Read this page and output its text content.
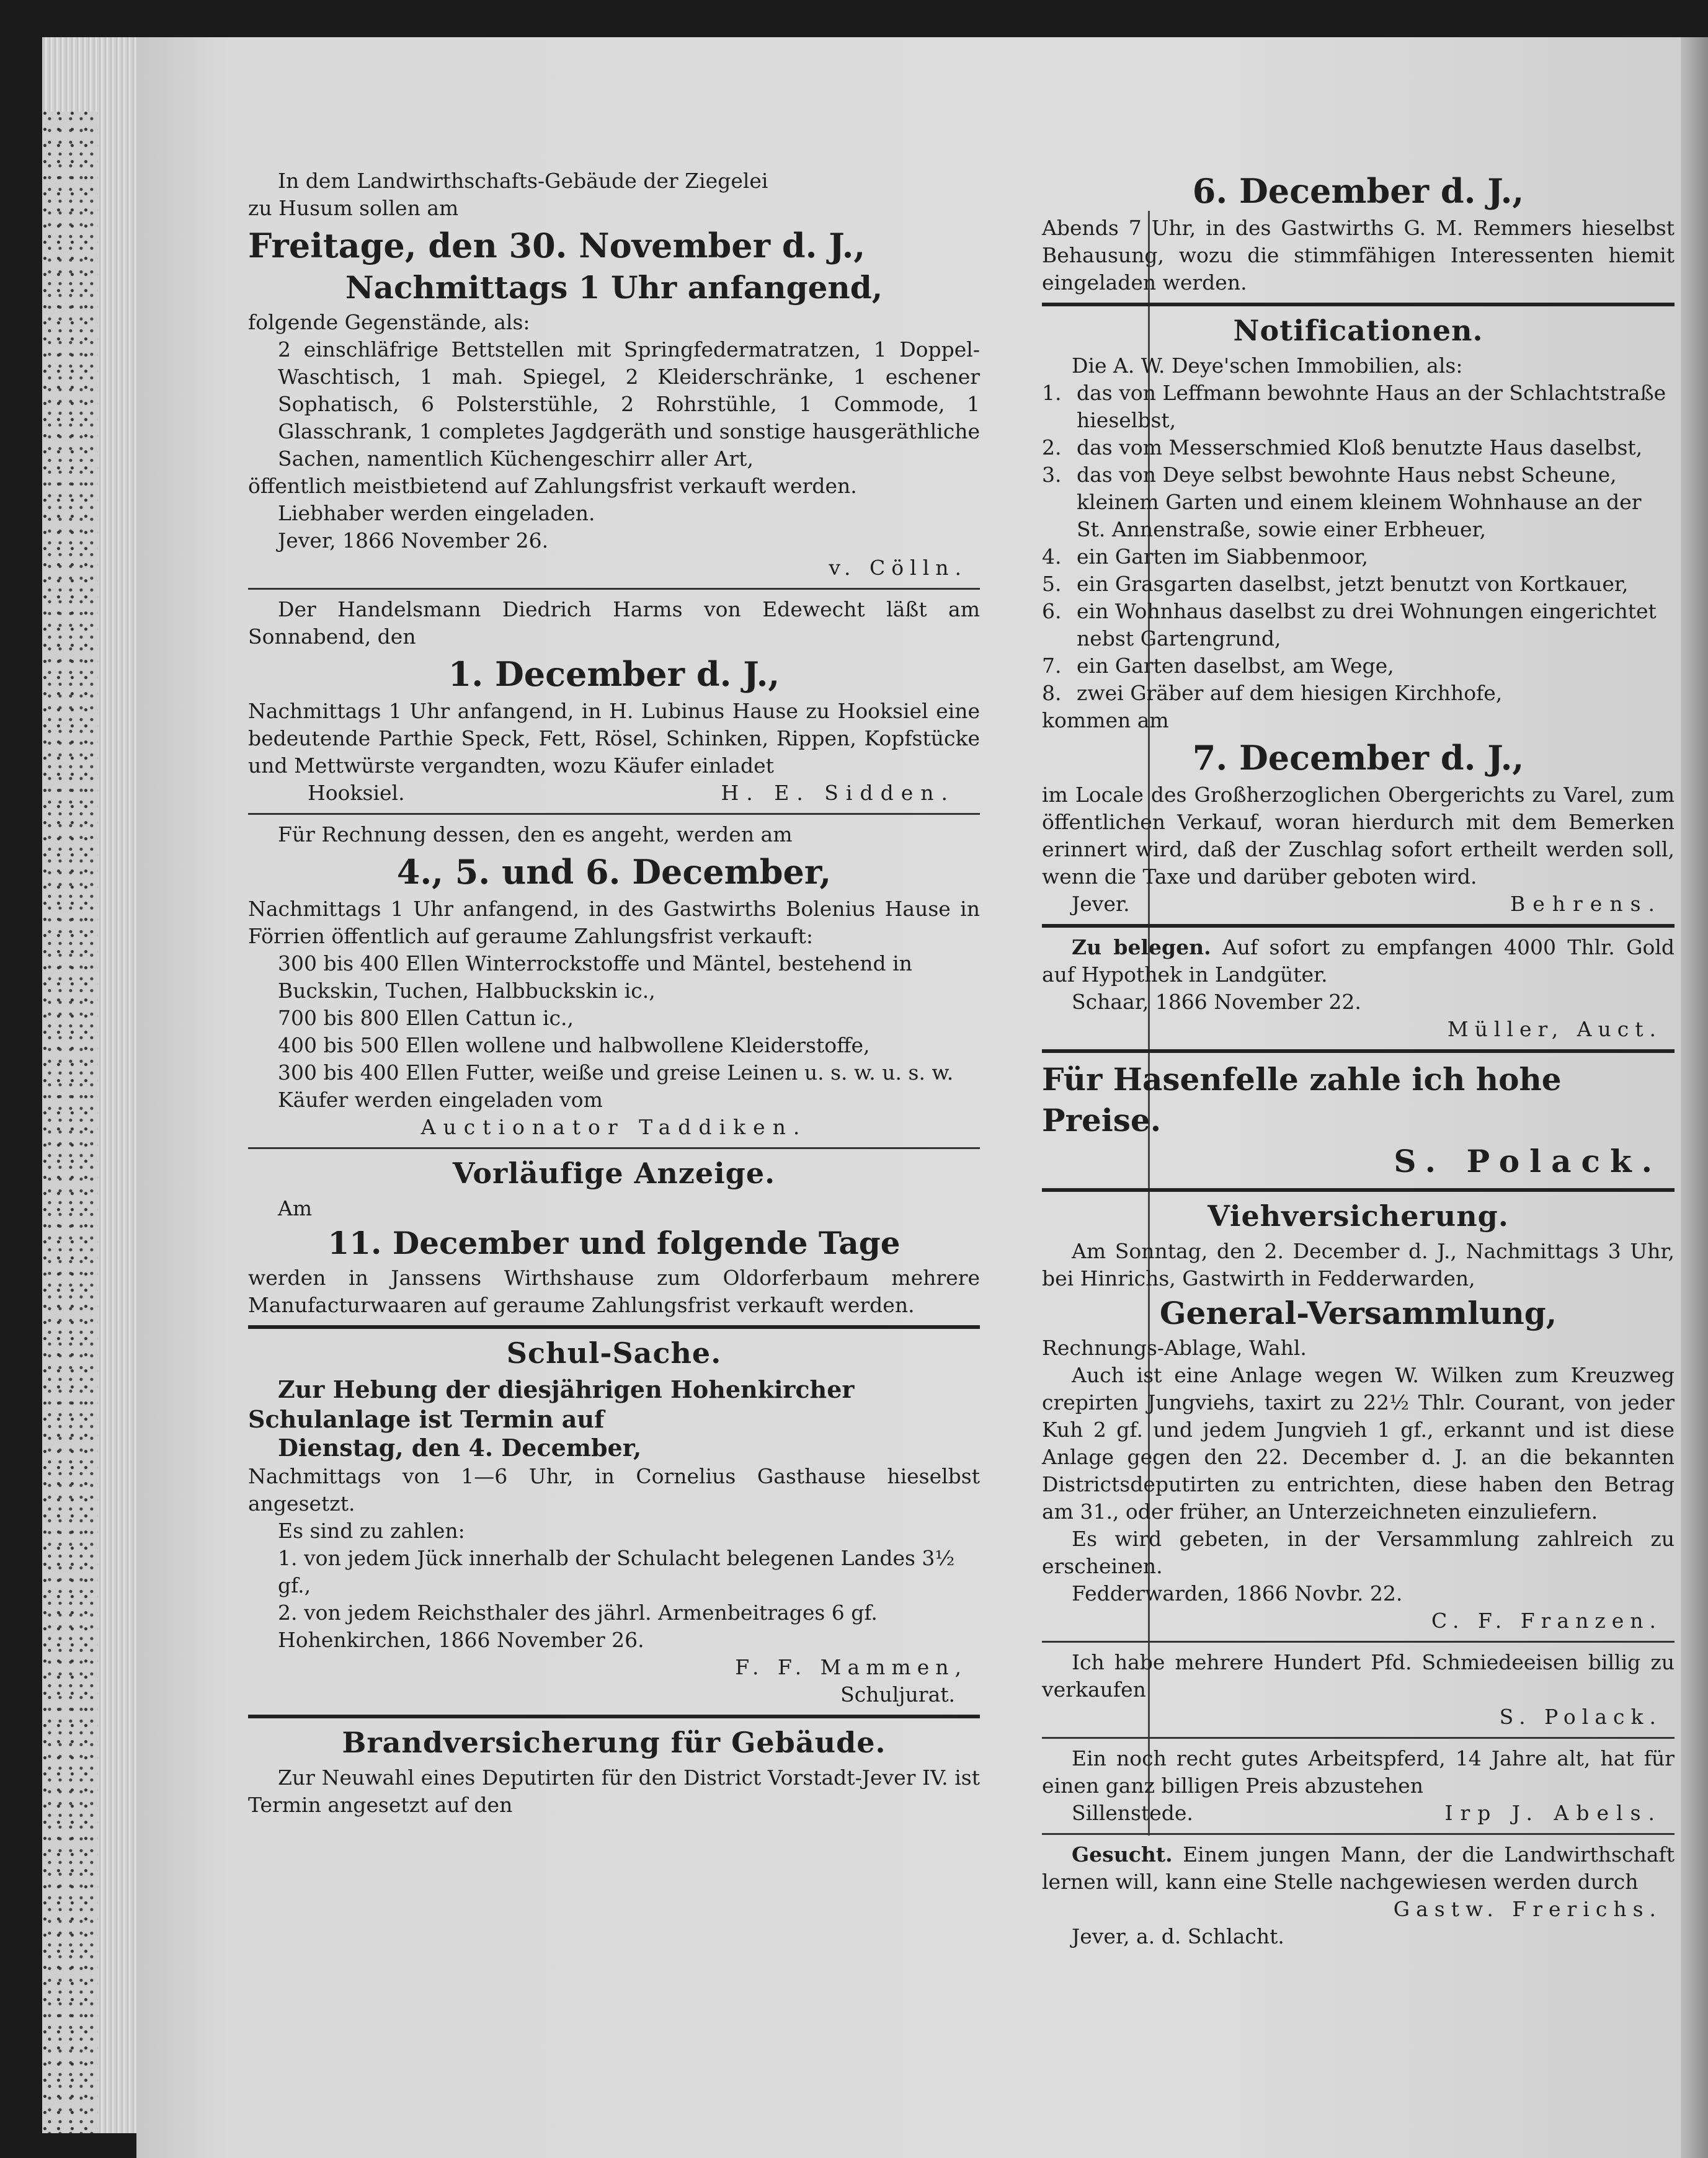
In dem Landwirthschafts-Gebäude der Ziegelei

zu Husum sollen am

Freitage, den 30. November d. J.,

Nachmittags 1 Uhr anfangend,

folgende Gegenstände, als:

2 einschläfrige Bettstellen mit Springfedermatratzen, 1 Doppel-Waschtisch, 1 mah. Spiegel, 2 Kleiderschränke, 1 eschener Sophatisch, 6 Polsterstühle, 2 Rohrstühle, 1 Commode, 1 Glasschrank, 1 completes Jagdgeräth und sonstige hausgeräthliche Sachen, namentlich Küchengeschirr aller Art,

öffentlich meistbietend auf Zahlungsfrist verkauft werden.

Liebhaber werden eingeladen.

Jever, 1866 November 26.

v. Cölln.

Der Handelsmann Diedrich Harms von Edewecht läßt am Sonnabend, den

1. December d. J.,

Nachmittags 1 Uhr anfangend, in H. Lubinus Hause zu Hooksiel eine bedeutende Parthie Speck, Fett, Rösel, Schinken, Rippen, Kopfstücke und Mettwürste vergandten, wozu Käufer einladet

Hooksiel.	H. E. Sidden.

Für Rechnung dessen, den es angeht, werden am

4., 5. und 6. December,

Nachmittags 1 Uhr anfangend, in des Gastwirths Bolenius Hause in Förrien öffentlich auf geraume Zahlungsfrist verkauft:

300 bis 400 Ellen Winterrockstoffe und Mäntel, bestehend in Buckskin, Tuchen, Halbbuckskin ic.,

700 bis 800 Ellen Cattun ic.,

400 bis 500 Ellen wollene und halbwollene Kleiderstoffe,

300 bis 400 Ellen Futter, weiße und greise Leinen u. s. w. u. s. w.

Käufer werden eingeladen vom

Auctionator Taddiken.

Vorläufige Anzeige.

Am

11. December und folgende Tage

werden in Janssens Wirthshause zum Oldorferbaum mehrere Manufacturwaaren auf geraume Zahlungsfrist verkauft werden.

Schul-Sache.

Zur Hebung der diesjährigen Hohenkircher Schulanlage ist Termin auf

Dienstag, den 4. December,

Nachmittags von 1—6 Uhr, in Cornelius Gasthause hieselbst angesetzt.

Es sind zu zahlen:

1. von jedem Jück innerhalb der Schulacht belegenen Landes 3½ gf.,

2. von jedem Reichsthaler des jährl. Armenbeitrages 6 gf.

Hohenkirchen, 1866 November 26.

F. F. Mammen,

Schuljurat.

Brandversicherung für Gebäude.

Zur Neuwahl eines Deputirten für den District Vorstadt-Jever IV. ist Termin angesetzt auf den

6. December d. J.,

Abends 7 Uhr, in des Gastwirths G. M. Remmers hieselbst Behausung, wozu die stimmfähigen Interessenten hiemit eingeladen werden.

Notificationen.

Die A. W. Deye'schen Immobilien, als:

1. das von Leffmann bewohnte Haus an der Schlachtstraße hieselbst,
2. das vom Messerschmied Kloß benutzte Haus daselbst,
3. das von Deye selbst bewohnte Haus nebst Scheune, kleinem Garten und einem kleinem Wohnhause an der St. Annenstraße, sowie einer Erbheuer,
4. ein Garten im Siabbenmoor,
5. ein Grasgarten daselbst, jetzt benutzt von Kortkauer,
6. ein Wohnhaus daselbst zu drei Wohnungen eingerichtet nebst Gartengrund,
7. ein Garten daselbst, am Wege,
8. zwei Gräber auf dem hiesigen Kirchhofe,

kommen am

7. December d. J.,

im Locale des Großherzoglichen Obergerichts zu Varel, zum öffentlichen Verkauf, woran hierdurch mit dem Bemerken erinnert wird, daß der Zuschlag sofort ertheilt werden soll, wenn die Taxe und darüber geboten wird.

Jever.	Behrens.

Zu belegen. Auf sofort zu empfangen 4000 Thlr. Gold auf Hypothek in Landgüter.

Schaar, 1866 November 22.

Müller, Auct.

Für Hasenfelle zahle ich hohe Preise.

S. Polack.

Viehversicherung.

Am Sonntag, den 2. December d. J., Nachmittags 3 Uhr, bei Hinrichs, Gastwirth in Fedderwarden,

General-Versammlung,

Rechnungs-Ablage, Wahl.

Auch ist eine Anlage wegen W. Wilken zum Kreuzweg crepirten Jungviehs, taxirt zu 22½ Thlr. Courant, von jeder Kuh 2 gf. und jedem Jungvieh 1 gf., erkannt und ist diese Anlage gegen den 22. December d. J. an die bekannten Districtsdeputirten zu entrichten, diese haben den Betrag am 31., oder früher, an Unterzeichneten einzuliefern.

Es wird gebeten, in der Versammlung zahlreich zu erscheinen.

Fedderwarden, 1866 Novbr. 22.

C. F. Franzen.

Ich habe mehrere Hundert Pfd. Schmiedeeisen billig zu verkaufen

S. Polack.

Ein noch recht gutes Arbeitspferd, 14 Jahre alt, hat für einen ganz billigen Preis abzustehen

Sillenstede.	Irp J. Abels.

Gesucht. Einem jungen Mann, der die Landwirthschaft lernen will, kann eine Stelle nachgewiesen werden durch

Gastw. Frerichs.

Jever, a. d. Schlacht.
